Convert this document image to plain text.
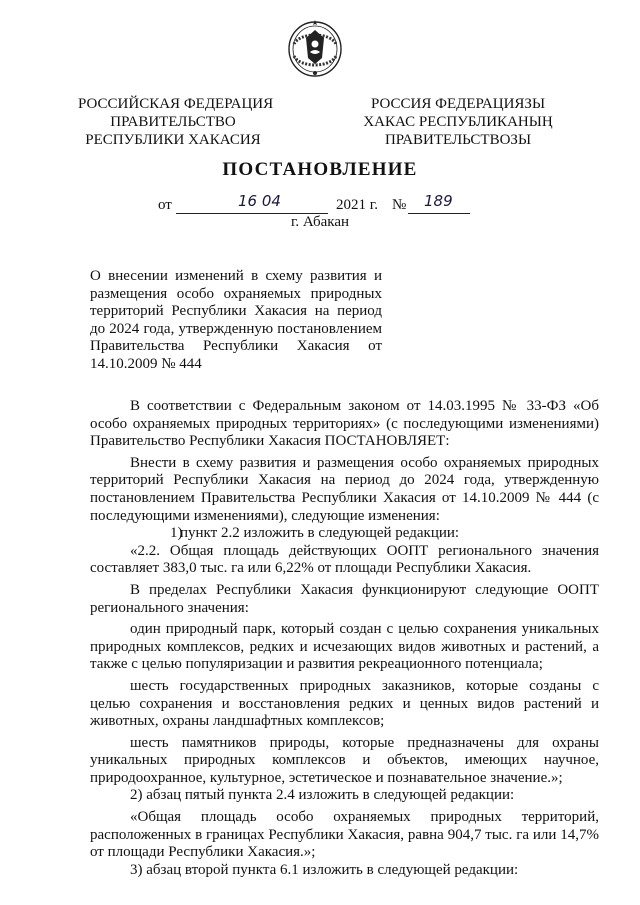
РОССИЙСКАЯ ФЕДЕРАЦИЯ
ПРАВИТЕЛЬСТВО
РЕСПУБЛИКИ ХАКАСИЯ
РОССИЯ ФЕДЕРАЦИЯЗЫ
ХАКАС РЕСПУБЛИКАНЫҢ
ПРАВИТЕЛЬСТВОЗЫ
ПОСТАНОВЛЕНИЕ
от	16 04	2021 г. № 189
г. Абакан
О внесении изменений в схему развития и размещения особо охраняемых природных территорий Республики Хакасия на период до 2024 года, утвержденную постановлением Правительства Республики Хакасия от 14.10.2009 № 444

В соответствии с Федеральным законом от 14.03.1995 № 33-ФЗ «Об особо охраняемых природных территориях» (с последующими изменениями) Правительство Республики Хакасия ПОСТАНОВЛЯЕТ:

Внести в схему развития и размещения особо охраняемых природных территорий Республики Хакасия на период до 2024 года, утвержденную постановлением Правительства Республики Хакасия от 14.10.2009 № 444 (с последующими изменениями), следующие изменения:

1)пункт 2.2 изложить в следующей редакции:

«2.2. Общая площадь действующих ООПТ регионального значения составляет 383,0 тыс. га или 6,22% от площади Республики Хакасия.

В пределах Республики Хакасия функционируют следующие ООПТ регионального значения:

один природный парк, который создан с целью сохранения уникальных природных комплексов, редких и исчезающих видов животных и растений, а также с целью популяризации и развития рекреационного потенциала;

шесть государственных природных заказников, которые созданы с целью сохранения и восстановления редких и ценных видов растений и животных, охраны ландшафтных комплексов;

шесть памятников природы, которые предназначены для охраны уникальных природных комплексов и объектов, имеющих научное, природоохранное, культурное, эстетическое и познавательное значение.»;

2) абзац пятый пункта 2.4 изложить в следующей редакции:

«Общая площадь особо охраняемых природных территорий, расположенных в границах Республики Хакасия, равна 904,7 тыс. га или 14,7% от площади Республики Хакасия.»;

3) абзац второй пункта 6.1 изложить в следующей редакции:
